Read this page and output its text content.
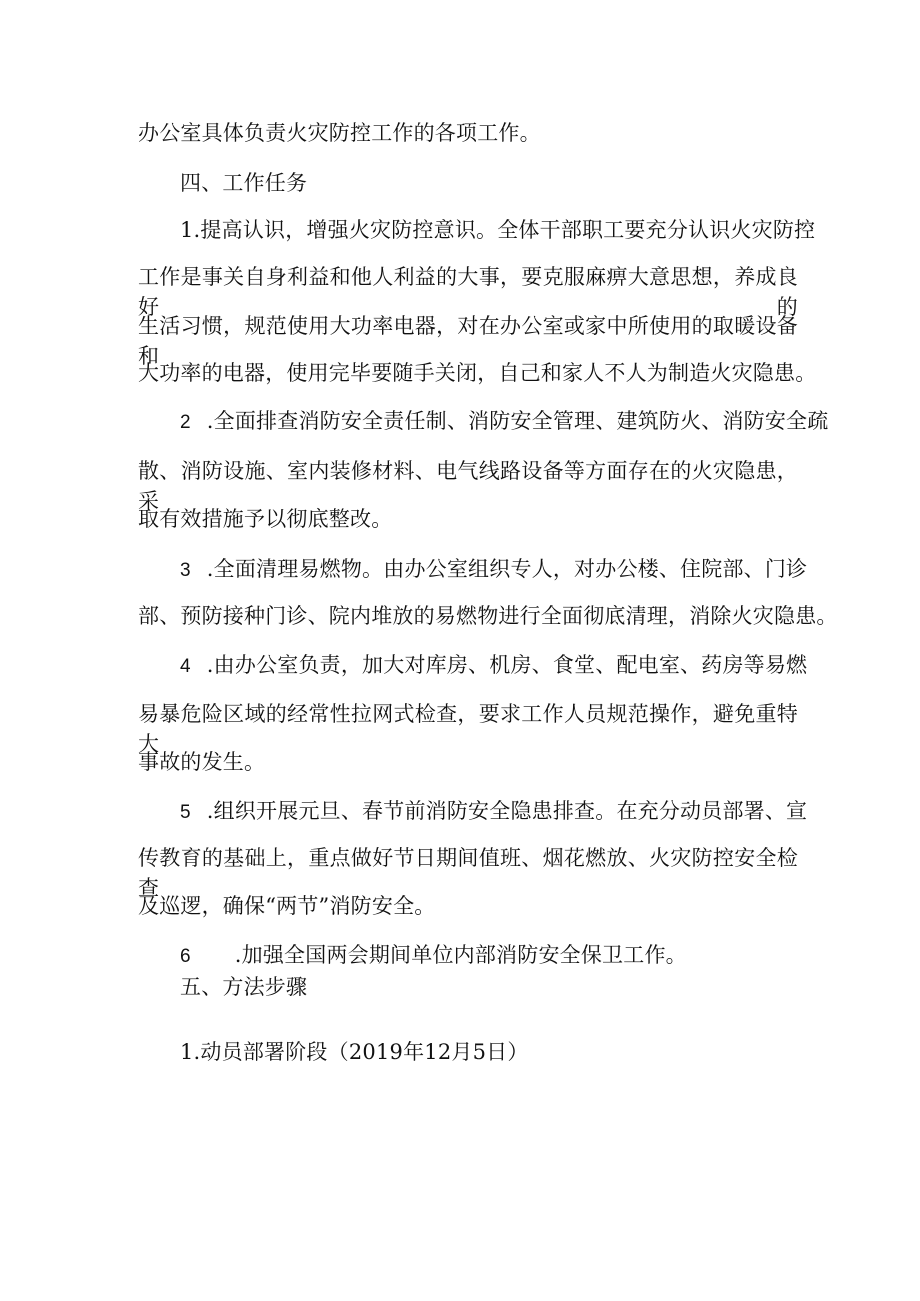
办公室具体负责火灾防控工作的各项工作。
四、工作任务
1.提高认识，增强火灾防控意识。全体干部职工要充分认识火灾防控
工作是事关自身利益和他人利益的大事，要克服麻痹大意思想，养成良好的
生活习惯，规范使用大功率电器，对在办公室或家中所使用的取暖设备和
大功率的电器，使用完毕要随手关闭，自己和家人不人为制造火灾隐患。
2 .全面排查消防安全责任制、消防安全管理、建筑防火、消防安全疏
散、消防设施、室内装修材料、电气线路设备等方面存在的火灾隐患，采
取有效措施予以彻底整改。
3 .全面清理易燃物。由办公室组织专人，对办公楼、住院部、门诊
部、预防接种门诊、院内堆放的易燃物进行全面彻底清理，消除火灾隐患。
4 .由办公室负责，加大对库房、机房、食堂、配电室、药房等易燃
易暴危险区域的经常性拉网式检查，要求工作人员规范操作，避免重特大
事故的发生。
5 .组织开展元旦、春节前消防安全隐患排查。在充分动员部署、宣
传教育的基础上，重点做好节日期间值班、烟花燃放、火灾防控安全检查
及巡逻，确保“两节”消防安全。
6 .加强全国两会期间单位内部消防安全保卫工作。
五、方法步骤
1.动员部署阶段（2019年12月5日）
